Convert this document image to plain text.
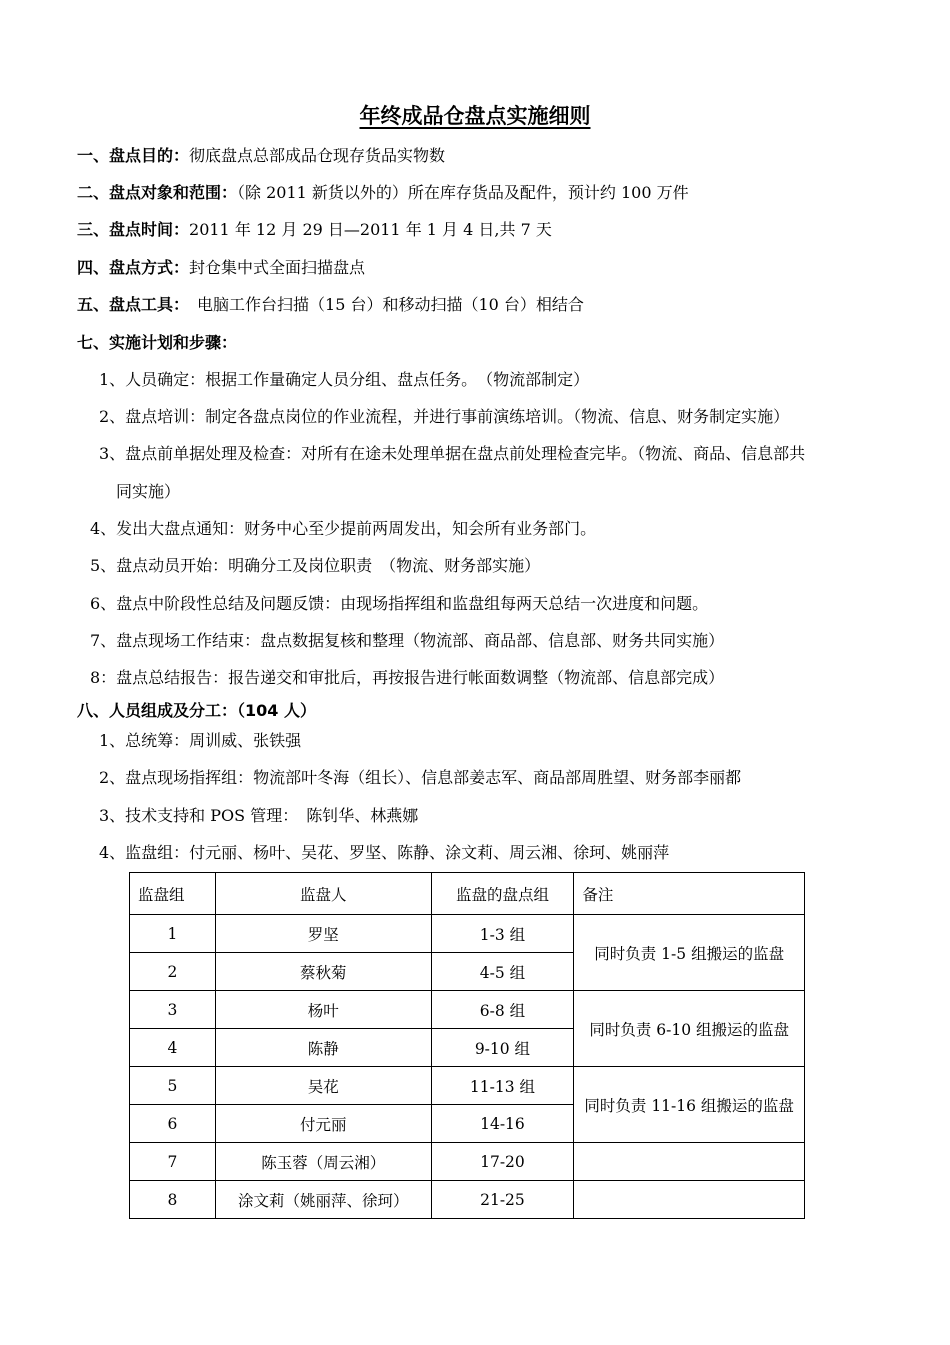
年终成品仓盘点实施细则
一、盘点目的：彻底盘点总部成品仓现存货品实物数
二、盘点对象和范围：（除 2011 新货以外的）所在库存货品及配件，预计约 100 万件
三、盘点时间：2011 年 12 月 29 日—2011 年 1 月 4 日,共 7 天
四、盘点方式：封仓集中式全面扫描盘点
五、盘点工具： 电脑工作台扫描（15 台）和移动扫描（10 台）相结合
七、实施计划和步骤：
1、人员确定：根据工作量确定人员分组、盘点任务。　（物流部制定）
2、盘点培训：制定各盘点岗位的作业流程，并进行事前演练培训。（物流、信息、财务制定实施）
3、盘点前单据处理及检查：对所有在途未处理单据在盘点前处理检查完毕。（物流、商品、信息部共
同实施）
4、发出大盘点通知：财务中心至少提前两周发出，知会所有业务部门。
5、盘点动员开始：明确分工及岗位职责　（物流、财务部实施）
6、盘点中阶段性总结及问题反馈：由现场指挥组和监盘组每两天总结一次进度和问题。
7、盘点现场工作结束：盘点数据复核和整理（物流部、商品部、信息部、财务共同实施）
8：盘点总结报告：报告递交和审批后，再按报告进行帐面数调整（物流部、信息部完成）
八、人员组成及分工：（104 人）
1、总统筹：周训威、张铁强
2、盘点现场指挥组：物流部叶冬海（组长）、信息部姜志军、商品部周胜望、财务部李丽都
3、技术支持和 POS 管理：　陈钊华、林燕娜
4、监盘组：付元丽、杨叶、吴花、罗坚、陈静、涂文莉、周云湘、徐珂、姚丽萍
监盘组	监盘人	监盘的盘点组	备注
1	罗坚	1-3 组	同时负责 1-5 组搬运的监盘
2	蔡秋菊	4-5 组	
3	杨叶	6-8 组	同时负责 6-10 组搬运的监盘
4	陈静	9-10 组	
5	吴花	11-13 组	同时负责 11-16 组搬运的监盘
6	付元丽	14-16	
7	陈玉蓉（周云湘）	17-20	
8	涂文莉（姚丽萍、徐珂）	21-25	
